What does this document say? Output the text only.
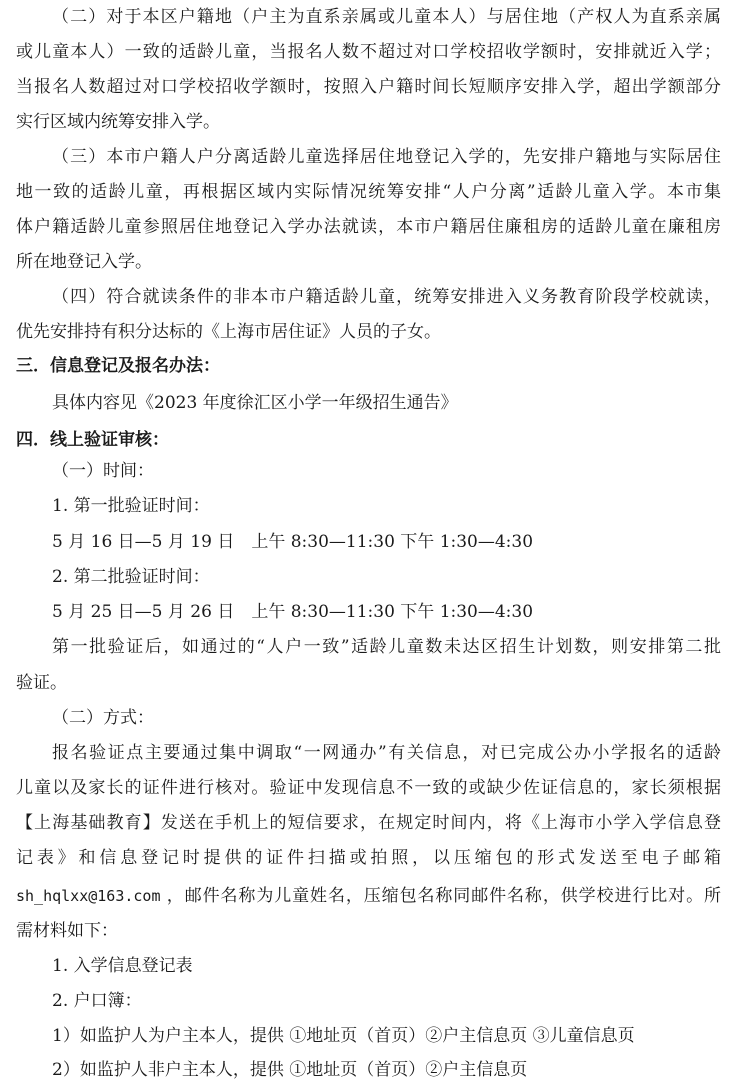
（二）对于本区户籍地（户主为直系亲属或儿童本人）与居住地（产权人为直系亲属
或儿童本人）一致的适龄儿童，当报名人数不超过对口学校招收学额时，安排就近入学；
当报名人数超过对口学校招收学额时，按照入户籍时间长短顺序安排入学，超出学额部分
实行区域内统筹安排入学。
（三）本市户籍人户分离适龄儿童选择居住地登记入学的，先安排户籍地与实际居住
地一致的适龄儿童，再根据区域内实际情况统筹安排“人户分离”适龄儿童入学。本市集
体户籍适龄儿童参照居住地登记入学办法就读，本市户籍居住廉租房的适龄儿童在廉租房
所在地登记入学。
（四）符合就读条件的非本市户籍适龄儿童，统筹安排进入义务教育阶段学校就读，
优先安排持有积分达标的《上海市居住证》人员的子女。
三．信息登记及报名办法：
具体内容见《2023 年度徐汇区小学一年级招生通告》
四．线上验证审核：
（一）时间：
1. 第一批验证时间：
5 月 16 日—5 月 19 日　上午 8:30—11:30 下午 1:30—4:30
2. 第二批验证时间：
5 月 25 日—5 月 26 日　上午 8:30—11:30 下午 1:30—4:30
第一批验证后，如通过的“人户一致”适龄儿童数未达区招生计划数，则安排第二批
验证。
（二）方式：
报名验证点主要通过集中调取“一网通办”有关信息，对已完成公办小学报名的适龄
儿童以及家长的证件进行核对。验证中发现信息不一致的或缺少佐证信息的，家长须根据
【上海基础教育】发送在手机上的短信要求，在规定时间内，将《上海市小学入学信息登
记表》和信息登记时提供的证件扫描或拍照，以压缩包的形式发送至电子邮箱
sh_hqlxx@163.com ，邮件名称为儿童姓名，压缩包名称同邮件名称，供学校进行比对。所
需材料如下：
1. 入学信息登记表
2. 户口簿：
1）如监护人为户主本人，提供 ①地址页（首页）②户主信息页 ③儿童信息页
2）如监护人非户主本人，提供 ①地址页（首页）②户主信息页
